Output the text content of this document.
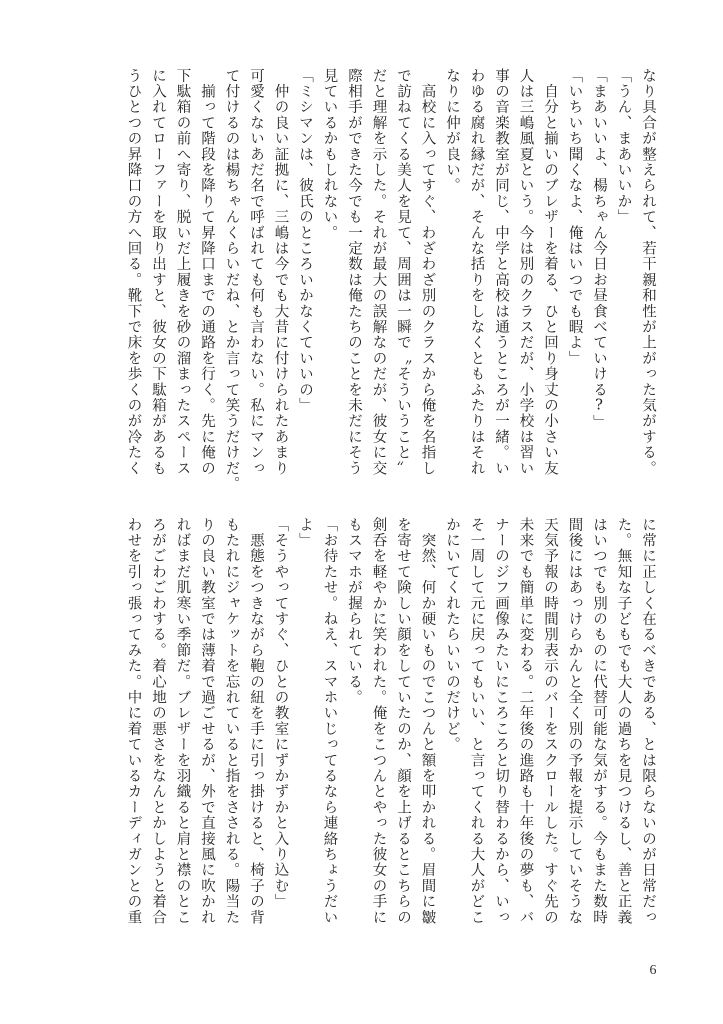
なり具合が整えられて、若干親和性が上がった気がする。
「うん、まあいいか」
「まあいいよ、楊ちゃん今日お昼食べていける?」
「いちいち聞くなよ、俺はいつでも暇よ」
　自分と揃いのブレザーを着る、ひと回り身丈の小さい友
人は三嶋風夏という。今は別のクラスだが、小学校は習い
事の音楽教室が同じ、中学と高校は通うところが一緒。い
わゆる腐れ縁だが、そんな括りをしなくともふたりはそれ
なりに仲が良い。
　高校に入ってすぐ、わざわざ別のクラスから俺を名指し
で訪ねてくる美人を見て、周囲は一瞬で〝そういうこと〟
だと理解を示した。それが最大の誤解なのだが、彼女に交
際相手ができた今でも一定数は俺たちのことを未だにそう
見ているかもしれない。
「ミシマンは、彼氏のところいかなくていいの」
　仲の良い証拠に、三嶋は今でも大昔に付けられたあまり
可愛くないあだ名で呼ばれても何も言わない。私にマンっ
て付けるのは楊ちゃんくらいだね、とか言って笑うだけだ。
　揃って階段を降りて昇降口までの通路を行く。先に俺の
下駄箱の前へ寄り、脱いだ上履きを砂の溜まったスペース
に入れてローファーを取り出すと、彼女の下駄箱があるも
うひとつの昇降口の方へ回る。靴下で床を歩くのが冷たく
に常に正しく在るべきである、とは限らないのが日常だっ
た。無知な子どもでも大人の過ちを見つけるし、善と正義
はいつでも別のものに代替可能な気がする。今もまた数時
間後にはあっけらかんと全く別の予報を提示していそうな
天気予報の時間別表示のバーをスクロールした。すぐ先の
未来でも簡単に変わる。二年後の進路も十年後の夢も、バ
ナーのジフ画像みたいにころころと切り替わるから、いっ
そ一周して元に戻ってもいい、と言ってくれる大人がどこ
かにいてくれたらいいのだけど。
　突然、何か硬いものでこつんと額を叩かれる。眉間に皺
を寄せて険しい顔をしていたのか、顔を上げるとこちらの
剣呑を軽やかに笑われた。俺をこつんとやった彼女の手に
もスマホが握られている。
「お待たせ。ねえ、スマホいじってるなら連絡ちょうだい
よ」
「そうやってすぐ、ひとの教室にずかずかと入り込む」
　悪態をつきながら鞄の紐を手に引っ掛けると、椅子の背
もたれにジャケットを忘れていると指をさされる。陽当た
りの良い教室では薄着で過ごせるが、外で直接風に吹かれ
ればまだ肌寒い季節だ。ブレザーを羽織ると肩と襟のとこ
ろがごわごわする。着心地の悪さをなんとかしようと着合
わせを引っ張ってみた。中に着ているカーディガンとの重
6
